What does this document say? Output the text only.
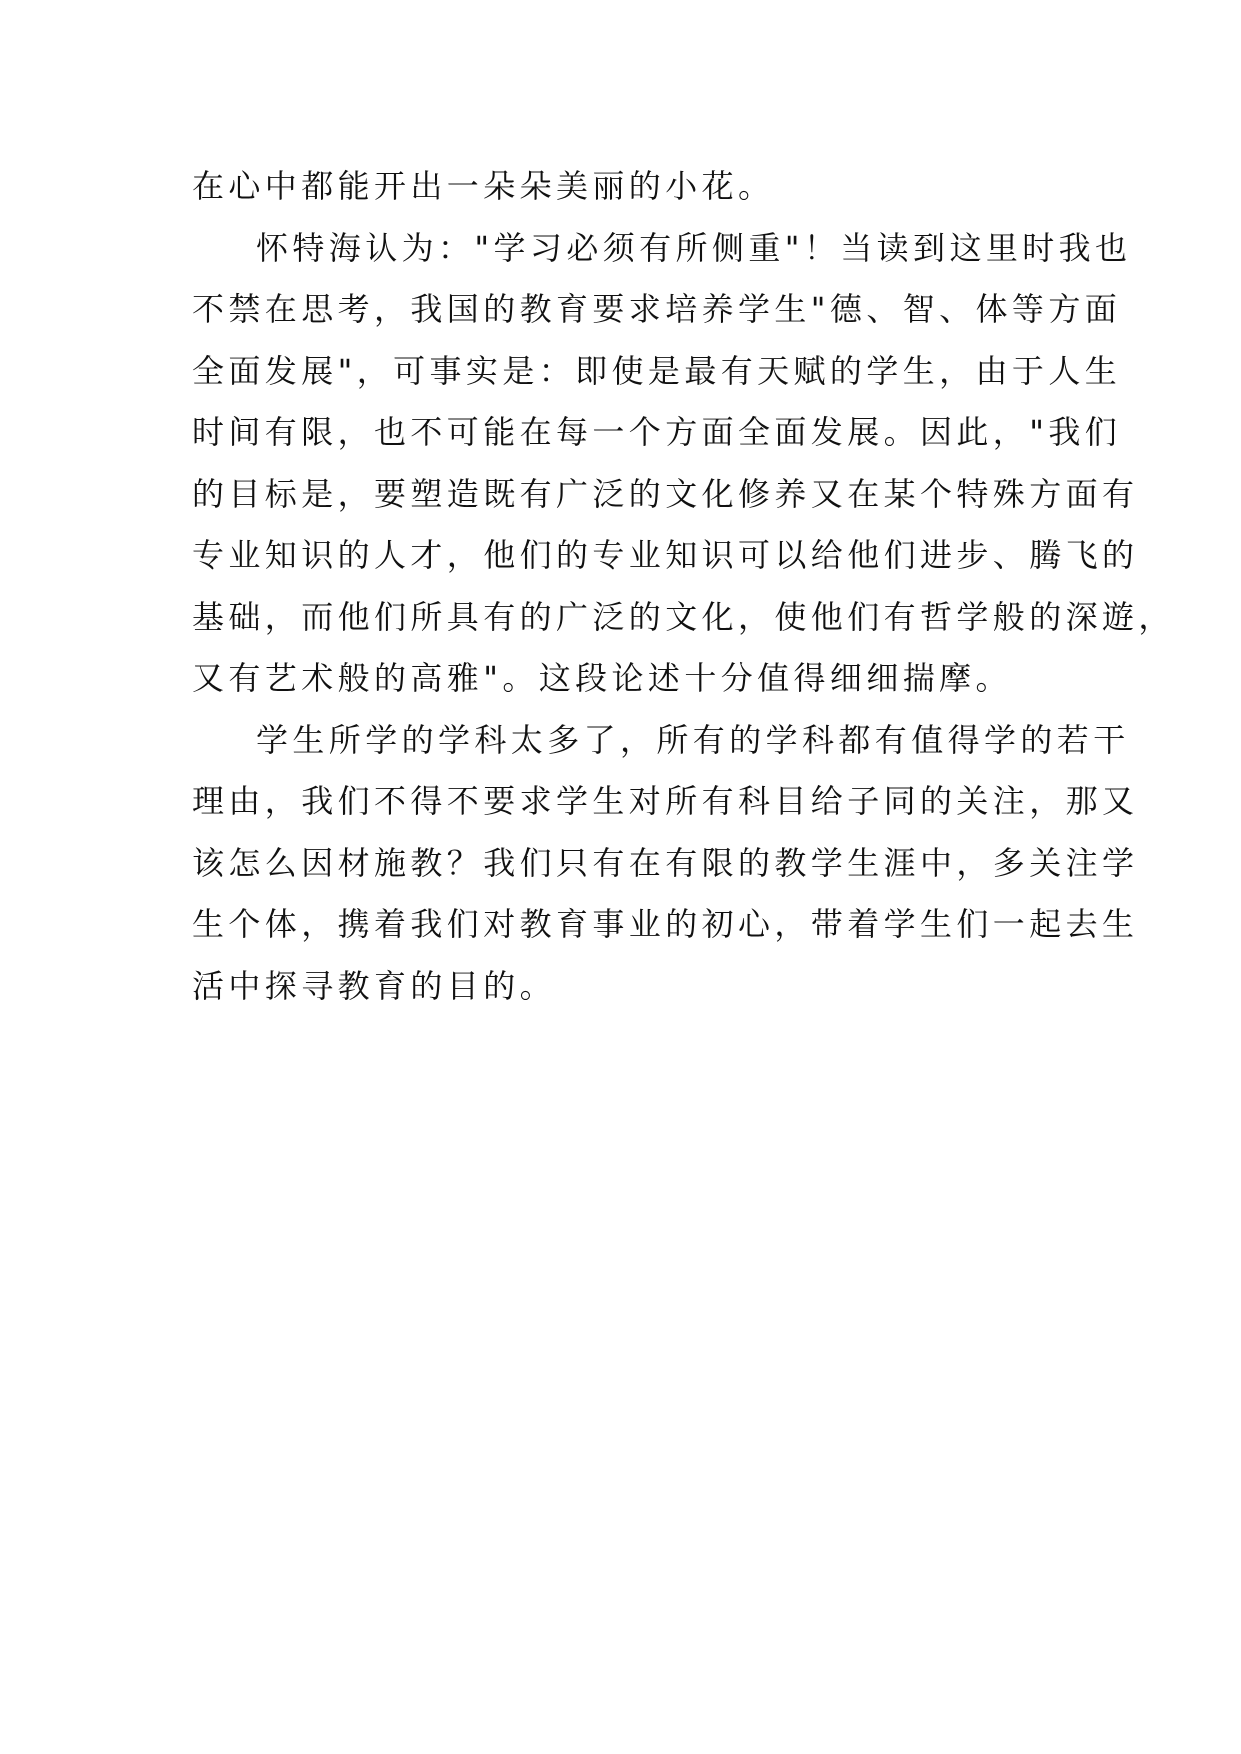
在心中都能开出一朵朵美丽的小花。

怀特海认为："学习必须有所侧重"！当读到这里时我也
不禁在思考，我国的教育要求培养学生"德、智、体等方面
全面发展"，可事实是：即使是最有天赋的学生，由于人生
时间有限，也不可能在每一个方面全面发展。因此，"我们
的目标是，要塑造既有广泛的文化修养又在某个特殊方面有
专业知识的人才，他们的专业知识可以给他们进步、腾飞的
基础，而他们所具有的广泛的文化，使他们有哲学般的深遊，
又有艺术般的高雅"。这段论述十分值得细细揣摩。

学生所学的学科太多了，所有的学科都有值得学的若干
理由，我们不得不要求学生对所有科目给子同的关注，那又
该怎么因材施教？我们只有在有限的教学生涯中，多关注学
生个体，携着我们对教育事业的初心，带着学生们一起去生
活中探寻教育的目的。
